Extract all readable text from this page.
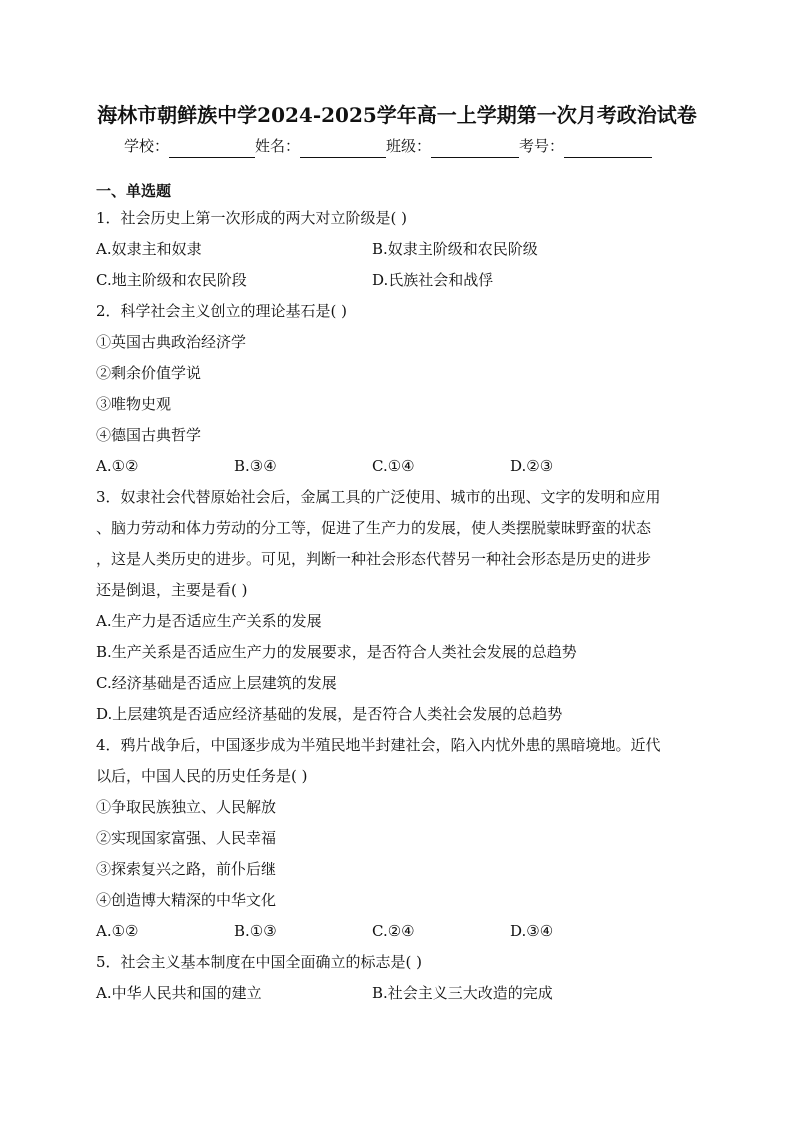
海林市朝鲜族中学2024-2025学年高一上学期第一次月考政治试卷
学校：	姓名：	班级：	考号：
一、单选题
1．社会历史上第一次形成的两大对立阶级是( )
A.奴隶主和奴隶	B.奴隶主阶级和农民阶级
C.地主阶级和农民阶段	D.氏族社会和战俘
2．科学社会主义创立的理论基石是( )
①英国古典政治经济学
②剩余价值学说
③唯物史观
④德国古典哲学
A.①②	B.③④	C.①④	D.②③
3．奴隶社会代替原始社会后，金属工具的广泛使用、城市的出现、文字的发明和应用
、脑力劳动和体力劳动的分工等，促进了生产力的发展，使人类摆脱蒙昧野蛮的状态
，这是人类历史的进步。可见，判断一种社会形态代替另一种社会形态是历史的进步
还是倒退，主要是看( )
A.生产力是否适应生产关系的发展
B.生产关系是否适应生产力的发展要求，是否符合人类社会发展的总趋势
C.经济基础是否适应上层建筑的发展
D.上层建筑是否适应经济基础的发展，是否符合人类社会发展的总趋势
4．鸦片战争后，中国逐步成为半殖民地半封建社会，陷入内忧外患的黑暗境地。近代
以后，中国人民的历史任务是( )
①争取民族独立、人民解放
②实现国家富强、人民幸福
③探索复兴之路，前仆后继
④创造博大精深的中华文化
A.①②	B.①③	C.②④	D.③④
5．社会主义基本制度在中国全面确立的标志是( )
A.中华人民共和国的建立	B.社会主义三大改造的完成
